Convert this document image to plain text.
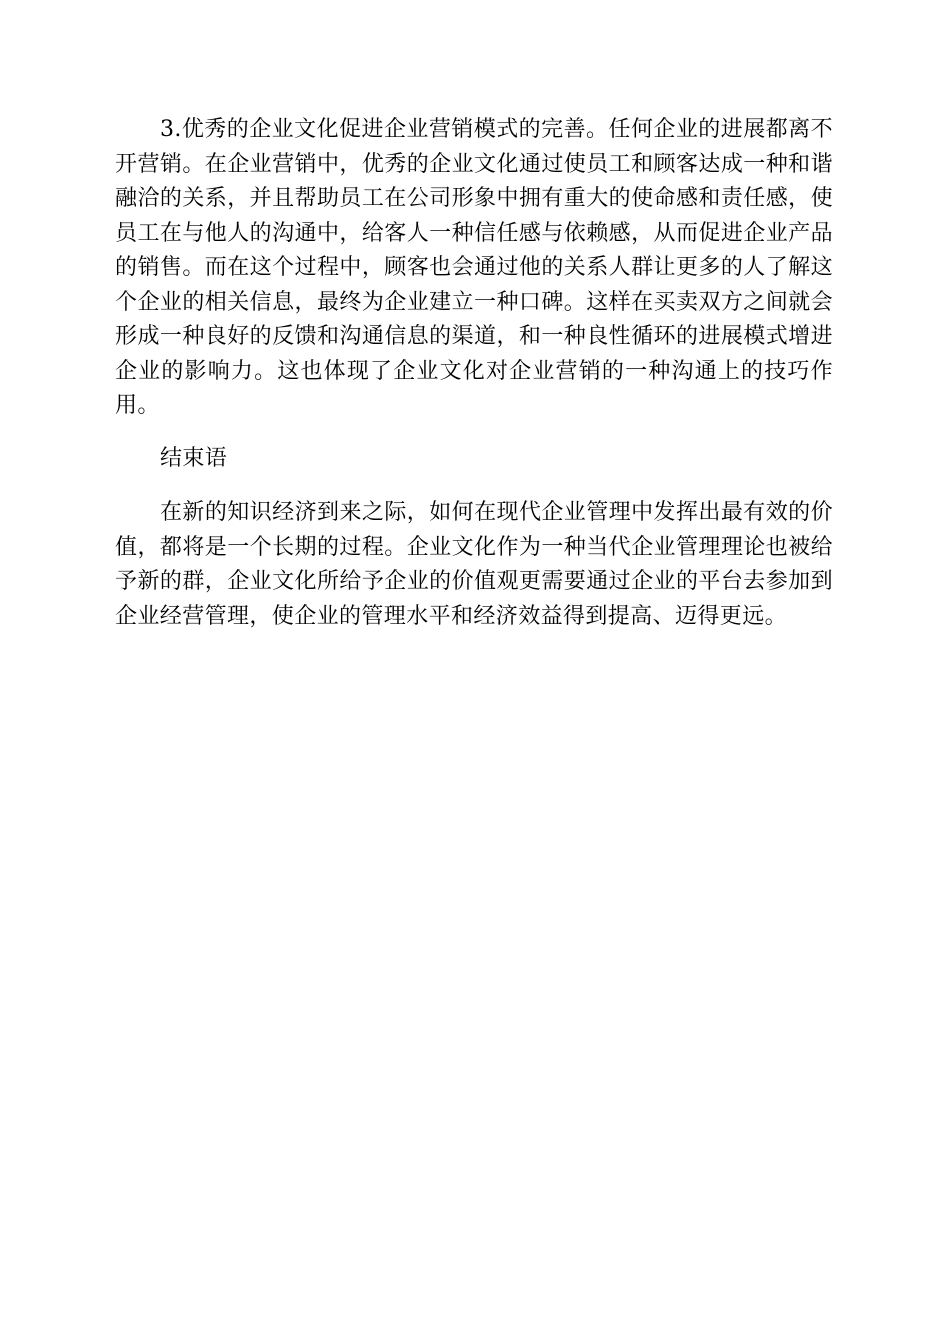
3.优秀的企业文化促进企业营销模式的完善。任何企业的进展都离不开营销。在企业营销中，优秀的企业文化通过使员工和顾客达成一种和谐融洽的关系，并且帮助员工在公司形象中拥有重大的使命感和责任感，使员工在与他人的沟通中，给客人一种信任感与依赖感，从而促进企业产品的销售。而在这个过程中，顾客也会通过他的关系人群让更多的人了解这个企业的相关信息，最终为企业建立一种口碑。这样在买卖双方之间就会形成一种良好的反馈和沟通信息的渠道，和一种良性循环的进展模式增进企业的影响力。这也体现了企业文化对企业营销的一种沟通上的技巧作用。

结束语

在新的知识经济到来之际，如何在现代企业管理中发挥出最有效的价值，都将是一个长期的过程。企业文化作为一种当代企业管理理论也被给予新的群，企业文化所给予企业的价值观更需要通过企业的平台去参加到企业经营管理，使企业的管理水平和经济效益得到提高、迈得更远。
